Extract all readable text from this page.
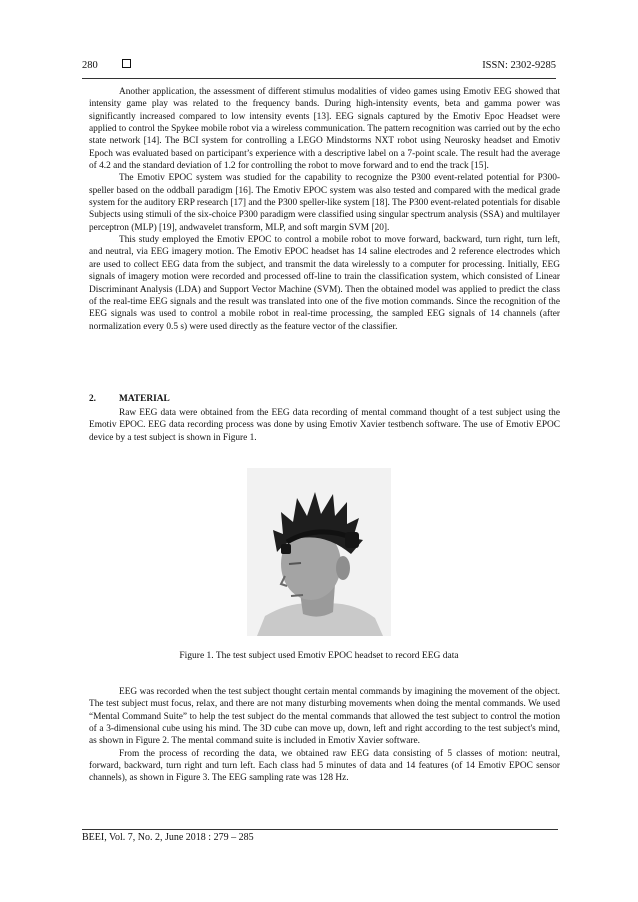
280	ISSN: 2302-9285

Another application, the assessment of different stimulus modalities of video games using Emotiv EEG showed that intensity game play was related to the frequency bands. During high-intensity events, beta and gamma power was significantly increased compared to low intensity events [13]. EEG signals captured by the Emotiv Epoc Headset were applied to control the Spykee mobile robot via a wireless communication. The pattern recognition was carried out by the echo state network [14]. The BCI system for controlling a LEGO Mindstorms NXT robot using Neurosky headset and Emotiv Epoch was evaluated based on participant’s experience with a descriptive label on a 7-point scale. The result had the average of 4.2 and the standard deviation of 1.2 for controlling the robot to move forward and to end the track [15].

The Emotiv EPOC system was studied for the capability to recognize the P300 event-related potential for P300-speller based on the oddball paradigm [16]. The Emotiv EPOC system was also tested and compared with the medical grade system for the auditory ERP research [17] and the P300 speller-like system [18]. The P300 event-related potentials for disable Subjects using stimuli of the six-choice P300 paradigm were classified using singular spectrum analysis (SSA) and multilayer perceptron (MLP) [19], andwavelet transform, MLP, and soft margin SVM [20].

This study employed the Emotiv EPOC to control a mobile robot to move forward, backward, turn right, turn left, and neutral, via EEG imagery motion. The Emotiv EPOC headset has 14 saline electrodes and 2 reference electrodes which are used to collect EEG data from the subject, and transmit the data wirelessly to a computer for processing. Initially, EEG signals of imagery motion were recorded and processed off-line to train the classification system, which consisted of Linear Discriminant Analysis (LDA) and Support Vector Machine (SVM). Then the obtained model was applied to predict the class of the real-time EEG signals and the result was translated into one of the five motion commands. Since the recognition of the EEG signals was used to control a mobile robot in real-time processing, the sampled EEG signals of 14 channels (after normalization every 0.5 s) were used directly as the feature vector of the classifier.

2. MATERIAL

Raw EEG data were obtained from the EEG data recording of mental command thought of a test subject using the Emotiv EPOC. EEG data recording process was done by using Emotiv Xavier testbench software. The use of Emotiv EPOC device by a test subject is shown in Figure 1.

Figure 1. The test subject used Emotiv EPOC headset to record EEG data

EEG was recorded when the test subject thought certain mental commands by imagining the movement of the object. The test subject must focus, relax, and there are not many disturbing movements when doing the mental commands. We used “Mental Command Suite” to help the test subject do the mental commands that allowed the test subject to control the motion of a 3-dimensional cube using his mind. The 3D cube can move up, down, left and right according to the test subject's mind, as shown in Figure 2. The mental command suite is included in Emotiv Xavier software.

From the process of recording the data, we obtained raw EEG data consisting of 5 classes of motion: neutral, forward, backward, turn right and turn left. Each class had 5 minutes of data and 14 features (of 14 Emotiv EPOC sensor channels), as shown in Figure 3. The EEG sampling rate was 128 Hz.

BEEI, Vol. 7, No. 2, June 2018 : 279 – 285
